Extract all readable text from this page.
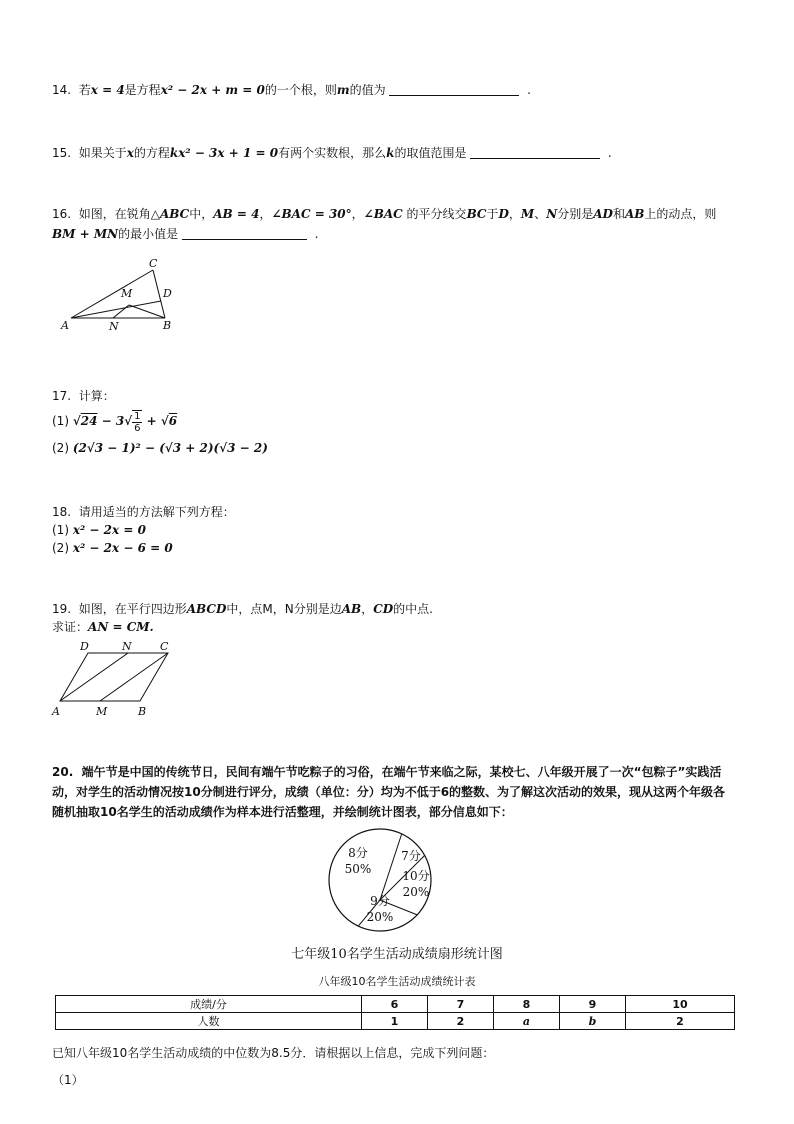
14. 若x = 4是方程x² − 2x + m = 0的一个根，则m的值为	.
15. 如果关于x的方程kx² − 3x + 1 = 0有两个实数根，那么k的取值范围是	.
16. 如图，在锐角△ABC中，AB = 4，∠BAC = 30°，∠BAC 的平分线交BC于D，M、N分别是AD和AB上的动点，则
BM + MN的最小值是	.
A	B
C
D
M
N
17. 计算：
(1) $√24 - 3√ \frac{1}{6} + √6$
(2) (2√3 − 1)² − (√3 + 2)(√3 − 2)
18. 请用适当的方法解下列方程：
(1) x² − 2x = 0
(2) x² − 2x − 6 = 0
19. 如图，在平行四边形ABCD中，点M，N分别是边AB，CD的中点.
求证：AN = CM.
A	B
C
D
M
N
20. 端午节是中国的传统节日，民间有端午节吃粽子的习俗，在端午节来临之际，某校七、八年级开展了一次“包粽子”实践活动，对学生的活动情况按10分制进行评分，成绩（单位：分）均为不低于6的整数、为了解这次活动的效果，现从这两个年级各随机抽取10名学生的活动成绩作为样本进行活整理，并绘制统计图表，部分信息如下：
8分
50%
7分
10分
20%
9分
20%
七年级10名学生活动成绩扇形统计图
八年级10名学生活动成绩统计表
成绩/分	6	7	8	9	10
人数	1	2	a	b	2
已知八年级10名学生活动成绩的中位数为8.5分．请根据以上信息，完成下列问题：
（1）
